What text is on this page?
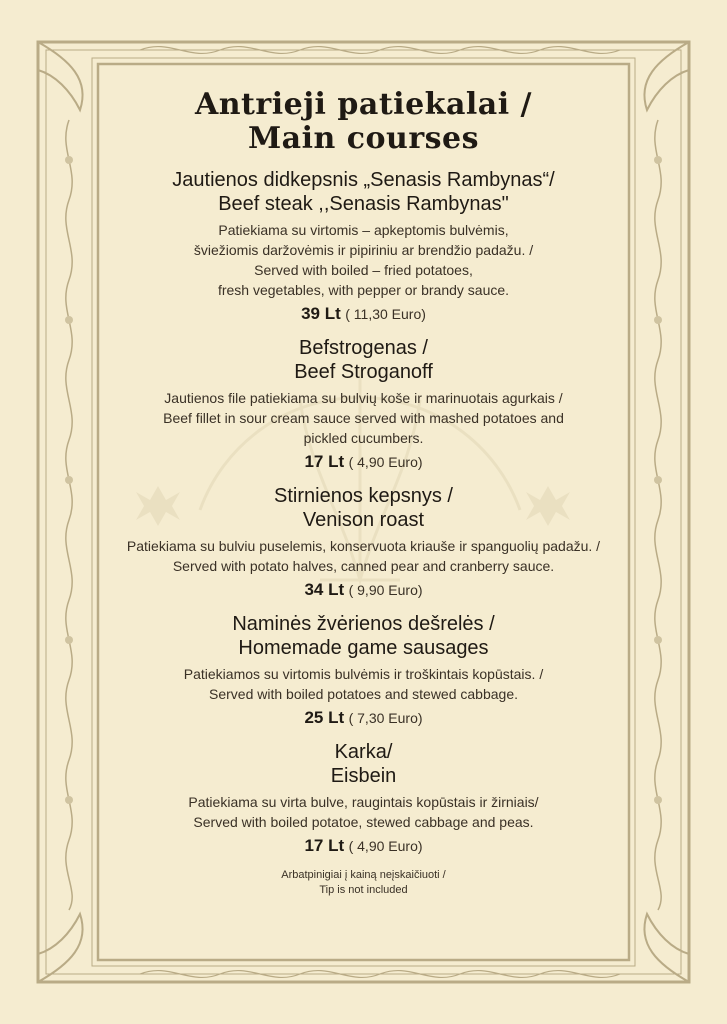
Antrieji patiekalai /
Main courses
Jautienos didkepsnis „Senasis Rambynas“/
Beef steak ,,Senasis Rambynas"
Patiekiama su virtomis – apkeptomis bulvėmis,
šviežiomis daržovėmis ir pipiriniu ar brendžio padažu. /
Served with boiled – fried potatoes,
fresh vegetables, with pepper or brandy sauce.
39 Lt ( 11,30 Euro)
Befstrogenas /
Beef Stroganoff
Jautienos file patiekiama su bulvių koše ir marinuotais agurkais /
Beef fillet in sour cream sauce served with mashed potatoes and
pickled cucumbers.
17 Lt ( 4,90 Euro)
Stirnienos kepsnys /
Venison roast
Patiekiama su bulviu puselemis, konservuota kriauše ir spanguolių padažu. /
Served with potato halves, canned pear and cranberry sauce.
34 Lt ( 9,90 Euro)
Naminės žvėrienos dešrelės /
Homemade game sausages
Patiekiamos su virtomis bulvėmis ir troškintais kopūstais. /
Served with boiled potatoes and stewed cabbage.
25 Lt ( 7,30 Euro)
Karka/
Eisbein
Patiekiama su virta bulve, raugintais kopūstais ir žirniais/
Served with boiled potatoe, stewed cabbage and peas.
17 Lt ( 4,90 Euro)
Arbatpinigiai į kainą neįskaičiuoti /
Tip is not included
